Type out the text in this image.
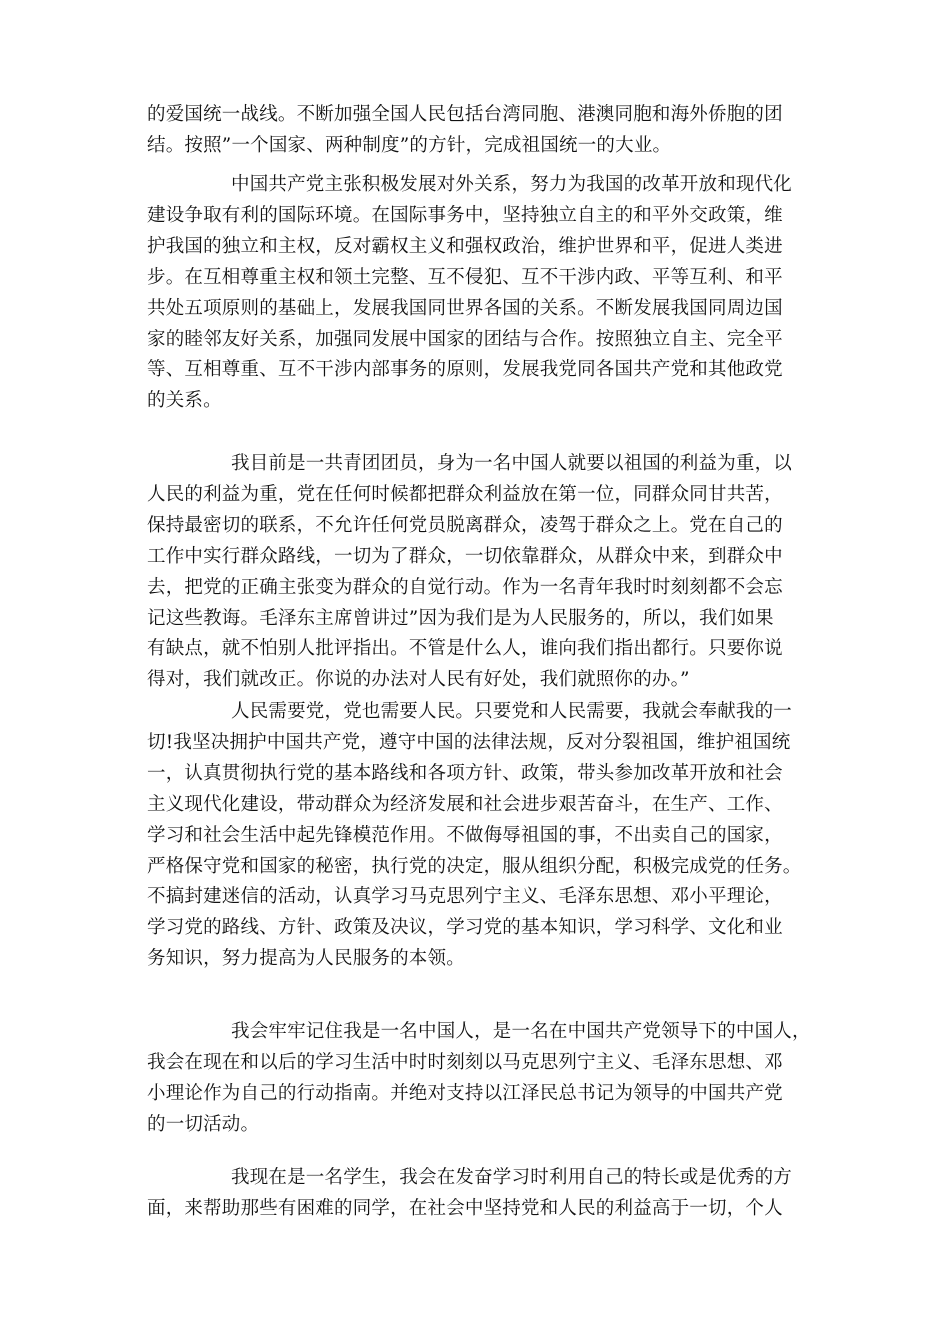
的爱国统一战线。不断加强全国人民包括台湾同胞、港澳同胞和海外侨胞的团
结。按照”一个国家、两种制度”的方针，完成祖国统一的大业。
中国共产党主张积极发展对外关系，努力为我国的改革开放和现代化
建设争取有利的国际环境。在国际事务中，坚持独立自主的和平外交政策，维
护我国的独立和主权，反对霸权主义和强权政治，维护世界和平，促进人类进
步。在互相尊重主权和领土完整、互不侵犯、互不干涉内政、平等互利、和平
共处五项原则的基础上，发展我国同世界各国的关系。不断发展我国同周边国
家的睦邻友好关系，加强同发展中国家的团结与合作。按照独立自主、完全平
等、互相尊重、互不干涉内部事务的原则，发展我党同各国共产党和其他政党
的关系。
我目前是一共青团团员，身为一名中国人就要以祖国的利益为重，以
人民的利益为重，党在任何时候都把群众利益放在第一位，同群众同甘共苦，
保持最密切的联系，不允许任何党员脱离群众，凌驾于群众之上。党在自己的
工作中实行群众路线，一切为了群众，一切依靠群众，从群众中来，到群众中
去，把党的正确主张变为群众的自觉行动。作为一名青年我时时刻刻都不会忘
记这些教诲。毛泽东主席曾讲过”因为我们是为人民服务的，所以，我们如果
有缺点，就不怕别人批评指出。不管是什么人，谁向我们指出都行。只要你说
得对，我们就改正。你说的办法对人民有好处，我们就照你的办。”
人民需要党，党也需要人民。只要党和人民需要，我就会奉献我的一
切!我坚决拥护中国共产党，遵守中国的法律法规，反对分裂祖国，维护祖国统
一，认真贯彻执行党的基本路线和各项方针、政策，带头参加改革开放和社会
主义现代化建设，带动群众为经济发展和社会进步艰苦奋斗，在生产、工作、
学习和社会生活中起先锋模范作用。不做侮辱祖国的事，不出卖自己的国家，
严格保守党和国家的秘密，执行党的决定，服从组织分配，积极完成党的任务。
不搞封建迷信的活动，认真学习马克思列宁主义、毛泽东思想、邓小平理论，
学习党的路线、方针、政策及决议，学习党的基本知识，学习科学、文化和业
务知识，努力提高为人民服务的本领。
我会牢牢记住我是一名中国人，是一名在中国共产党领导下的中国人，
我会在现在和以后的学习生活中时时刻刻以马克思列宁主义、毛泽东思想、邓
小理论作为自己的行动指南。并绝对支持以江泽民总书记为领导的中国共产党
的一切活动。
我现在是一名学生，我会在发奋学习时利用自己的特长或是优秀的方
面，来帮助那些有困难的同学，在社会中坚持党和人民的利益高于一切，个人
